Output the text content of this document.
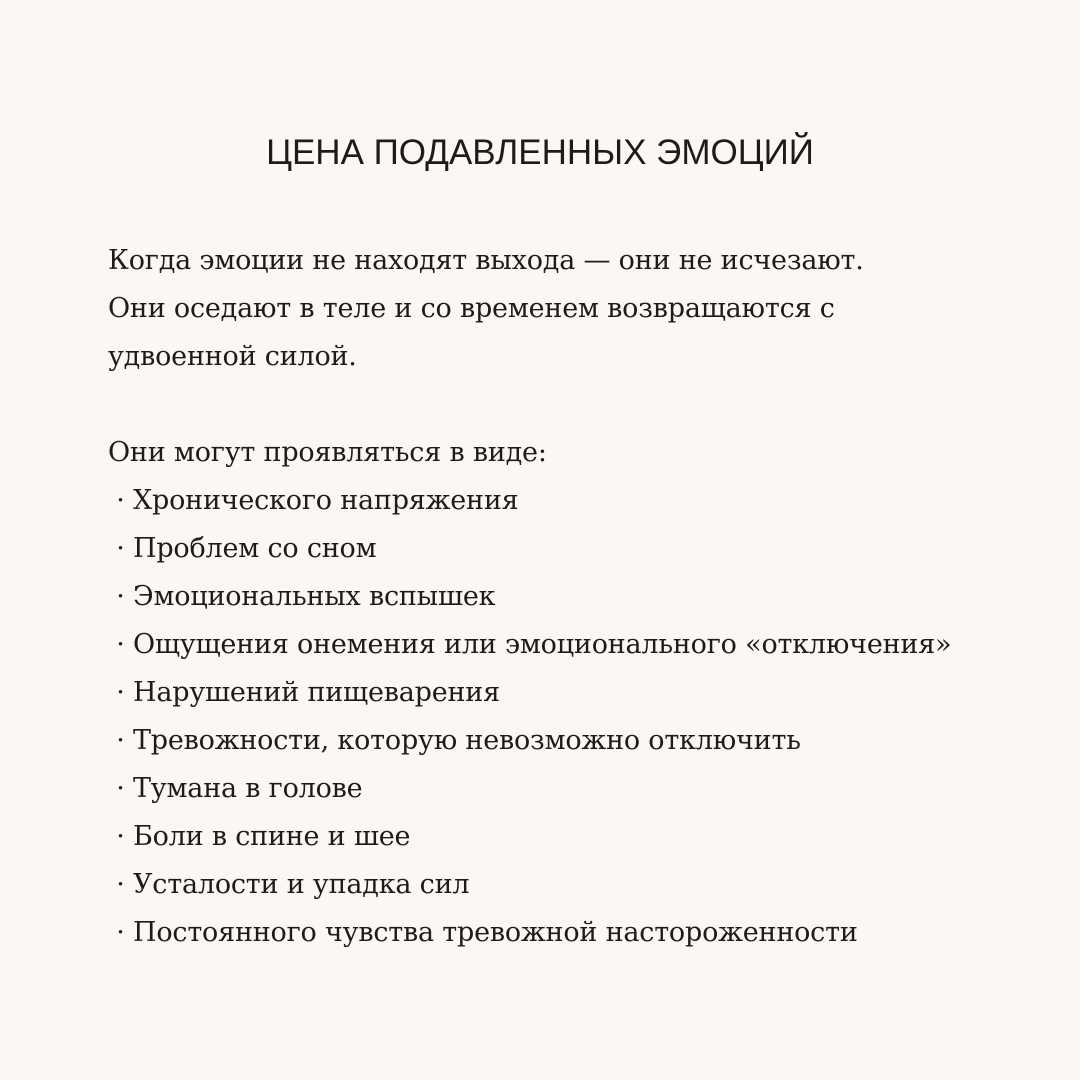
ЦЕНА ПОДАВЛЕННЫХ ЭМОЦИЙ

Когда эмоции не находят выхода — они не исчезают.

Они оседают в теле и со временем возвращаются с

удвоенной силой.

Они могут проявляться в виде:

· Хронического напряжения
· Проблем со сном
· Эмоциональных вспышек
· Ощущения онемения или эмоционального «отключения»
· Нарушений пищеварения
· Тревожности, которую невозможно отключить
· Тумана в голове
· Боли в спине и шее
· Усталости и упадка сил
· Постоянного чувства тревожной настороженности
